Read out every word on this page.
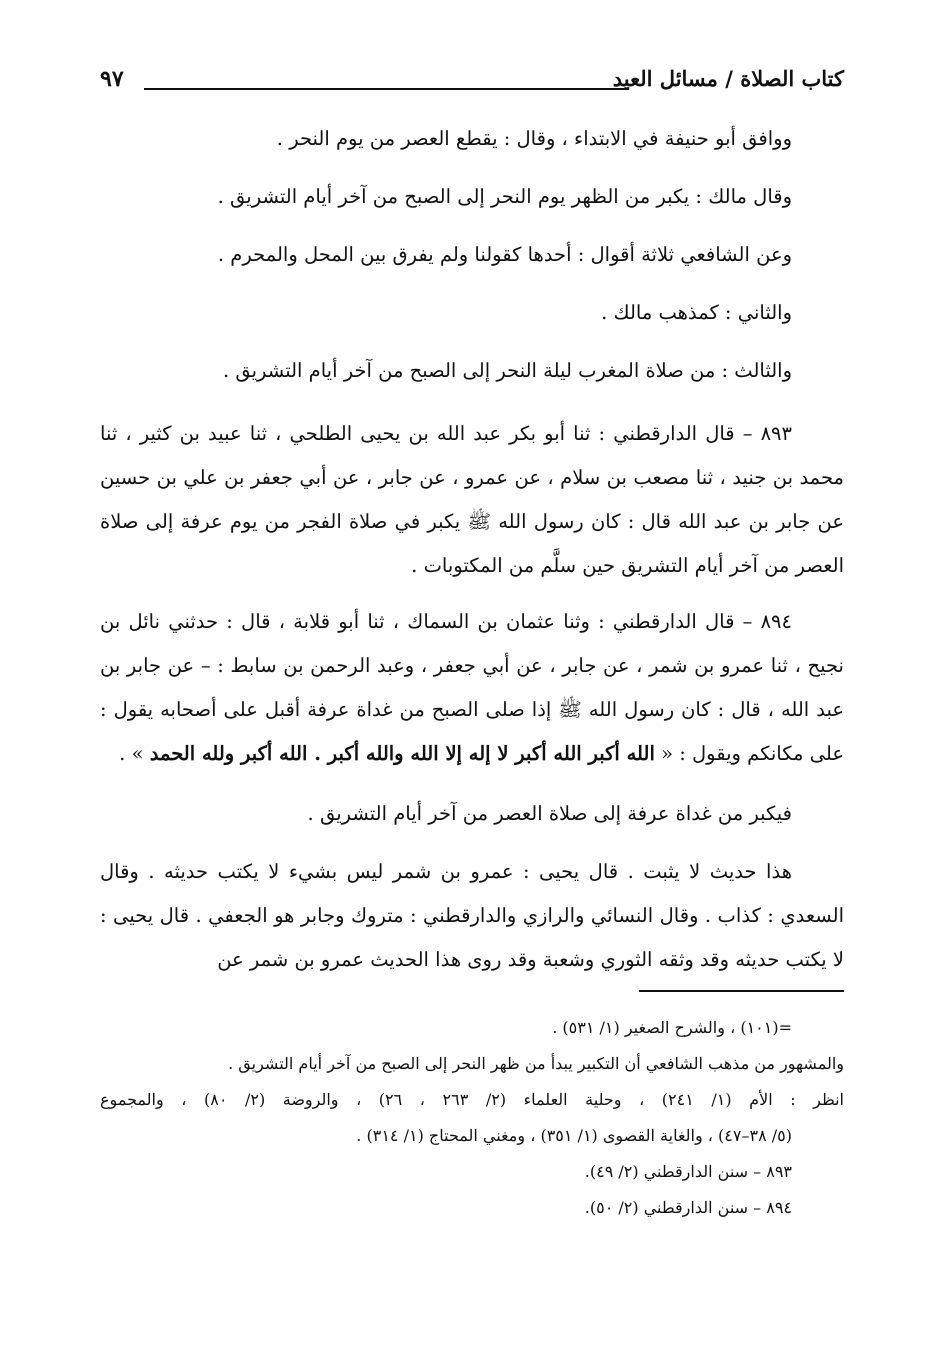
كتاب الصلاة / مسائل العيد
٩٧

ووافق أبو حنيفة في الابتداء ، وقال : يقطع العصر من يوم النحر .

وقال مالك : يكبر من الظهر يوم النحر إلى الصبح من آخر أيام التشريق .

وعن الشافعي ثلاثة أقوال : أحدها كقولنا ولم يفرق بين المحل والمحرم .

والثاني : كمذهب مالك .

والثالث : من صلاة المغرب ليلة النحر إلى الصبح من آخر أيام التشريق .

٨٩٣ – قال الدارقطني : ثنا أبو بكر عبد الله بن يحيى الطلحي ، ثنا عبيد بن كثير ، ثنا محمد بن جنيد ، ثنا مصعب بن سلام ، عن عمرو ، عن جابر ، عن أبي جعفر بن علي بن حسين عن جابر بن عبد الله قال : كان رسول الله ﷺ يكبر في صلاة الفجر من يوم عرفة إلى صلاة العصر من آخر أيام التشريق حين سلَّم من المكتوبات .

٨٩٤ – قال الدارقطني : وثنا عثمان بن السماك ، ثنا أبو قلابة ، قال : حدثني نائل بن نجيح ، ثنا عمرو بن شمر ، عن جابر ، عن أبي جعفر ، وعبد الرحمن بن سابط : – عن جابر بن عبد الله ، قال : كان رسول الله ﷺ إذا صلى الصبح من غداة عرفة أقبل على أصحابه يقول : على مكانكم ويقول : « الله أكبر الله أكبر لا إله إلا الله والله أكبر . الله أكبر ولله الحمد » .

فيكبر من غداة عرفة إلى صلاة العصر من آخر أيام التشريق .

هذا حديث لا يثبت . قال يحيى : عمرو بن شمر ليس بشيء لا يكتب حديثه . وقال السعدي : كذاب . وقال النسائي والرازي والدارقطني : متروك وجابر هو الجعفي . قال يحيى : لا يكتب حديثه وقد وثقه الثوري وشعبة وقد روى هذا الحديث عمرو بن شمر عن

=(١٠١) ، والشرح الصغير (١/ ٥٣١) .

والمشهور من مذهب الشافعي أن التكبير يبدأ من ظهر النحر إلى الصبح من آخر أيام التشريق .

انظر : الأم (١/ ٢٤١) ، وحلية العلماء (٢/ ٢٦٣ ، ٢٦) ، والروضة (٢/ ٨٠) ، والمجموع

(٥/ ٣٨–٤٧) ، والغاية القصوى (١/ ٣٥١) ، ومغني المحتاج (١/ ٣١٤) .

٨٩٣ – سنن الدارقطني (٢/ ٤٩).

٨٩٤ – سنن الدارقطني (٢/ ٥٠).
